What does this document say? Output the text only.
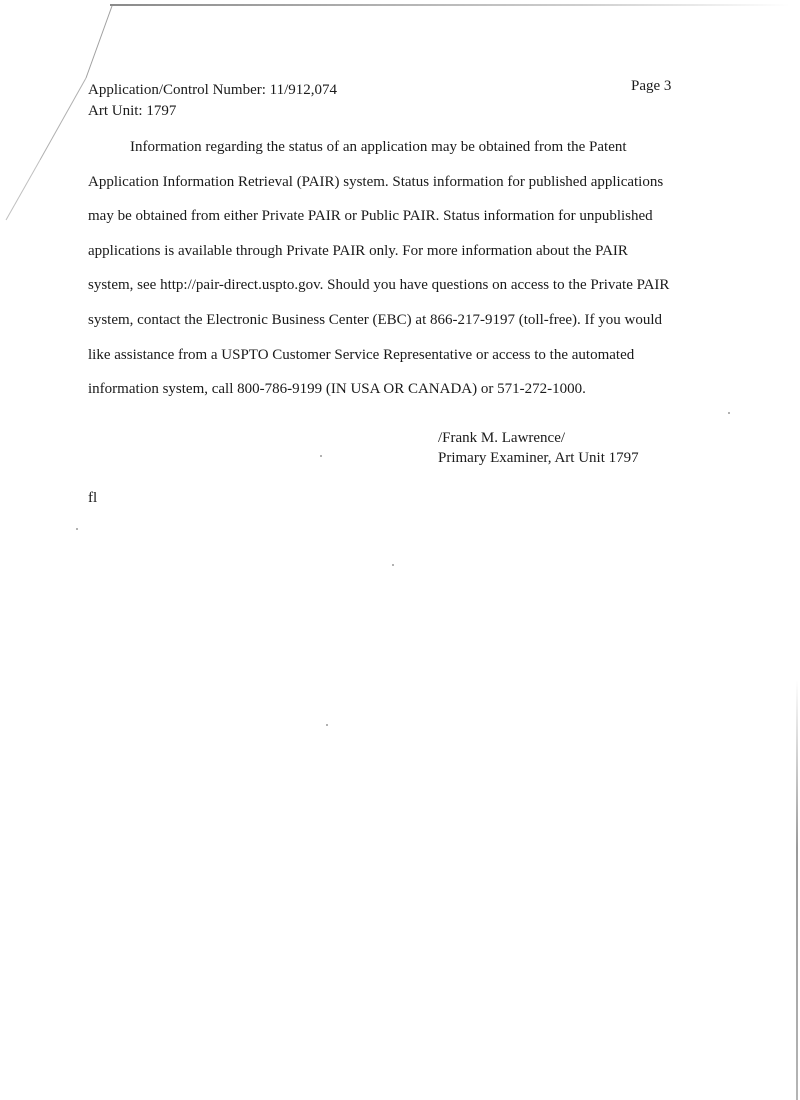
Application/Control Number: 11/912,074
Art Unit: 1797
Page 3
Information regarding the status of an application may be obtained from the Patent
Application Information Retrieval (PAIR) system. Status information for published applications
may be obtained from either Private PAIR or Public PAIR. Status information for unpublished
applications is available through Private PAIR only. For more information about the PAIR
system, see http://pair-direct.uspto.gov. Should you have questions on access to the Private PAIR
system, contact the Electronic Business Center (EBC) at 866-217-9197 (toll-free). If you would
like assistance from a USPTO Customer Service Representative or access to the automated
information system, call 800-786-9199 (IN USA OR CANADA) or 571-272-1000.
/Frank M. Lawrence/
Primary Examiner, Art Unit 1797
fl
